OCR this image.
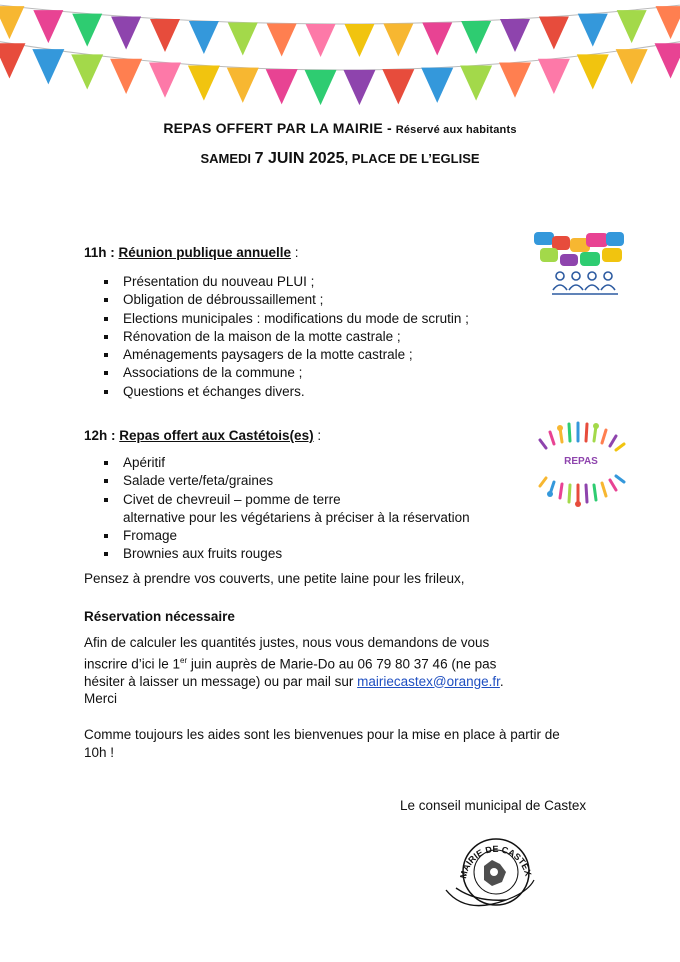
REPAS OFFERT PAR LA MAIRIE - Réservé aux habitants
SAMEDI 7 JUIN 2025, PLACE DE L’EGLISE
11h : Réunion publique annuelle :
Présentation du nouveau PLUI ;
Obligation de débroussaillement ;
Elections municipales : modifications du mode de scrutin ;
Rénovation de la maison de la motte castrale ;
Aménagements paysagers de la motte castrale ;
Associations de la commune ;
Questions et échanges divers.
12h : Repas offert aux Castétois(es) :
Apéritif
Salade verte/feta/graines
Civet de chevreuil – pomme de terre
alternative pour les végétariens à préciser à la réservation
Fromage
Brownies aux fruits rouges
REPAS
Pensez à prendre vos couverts, une petite laine pour les frileux,
Réservation nécessaire
Afin de calculer les quantités justes, nous vous demandons de vous
inscrire d’ici le 1er juin auprès de Marie-Do au 06 79 80 37 46 (ne pas
hésiter à laisser un message) ou par mail sur mairiecastex@orange.fr.
Merci
Comme toujours les aides sont les bienvenues pour la mise en place à partir de
10h !
Le conseil municipal de Castex
MAIRIE DE CASTEX
